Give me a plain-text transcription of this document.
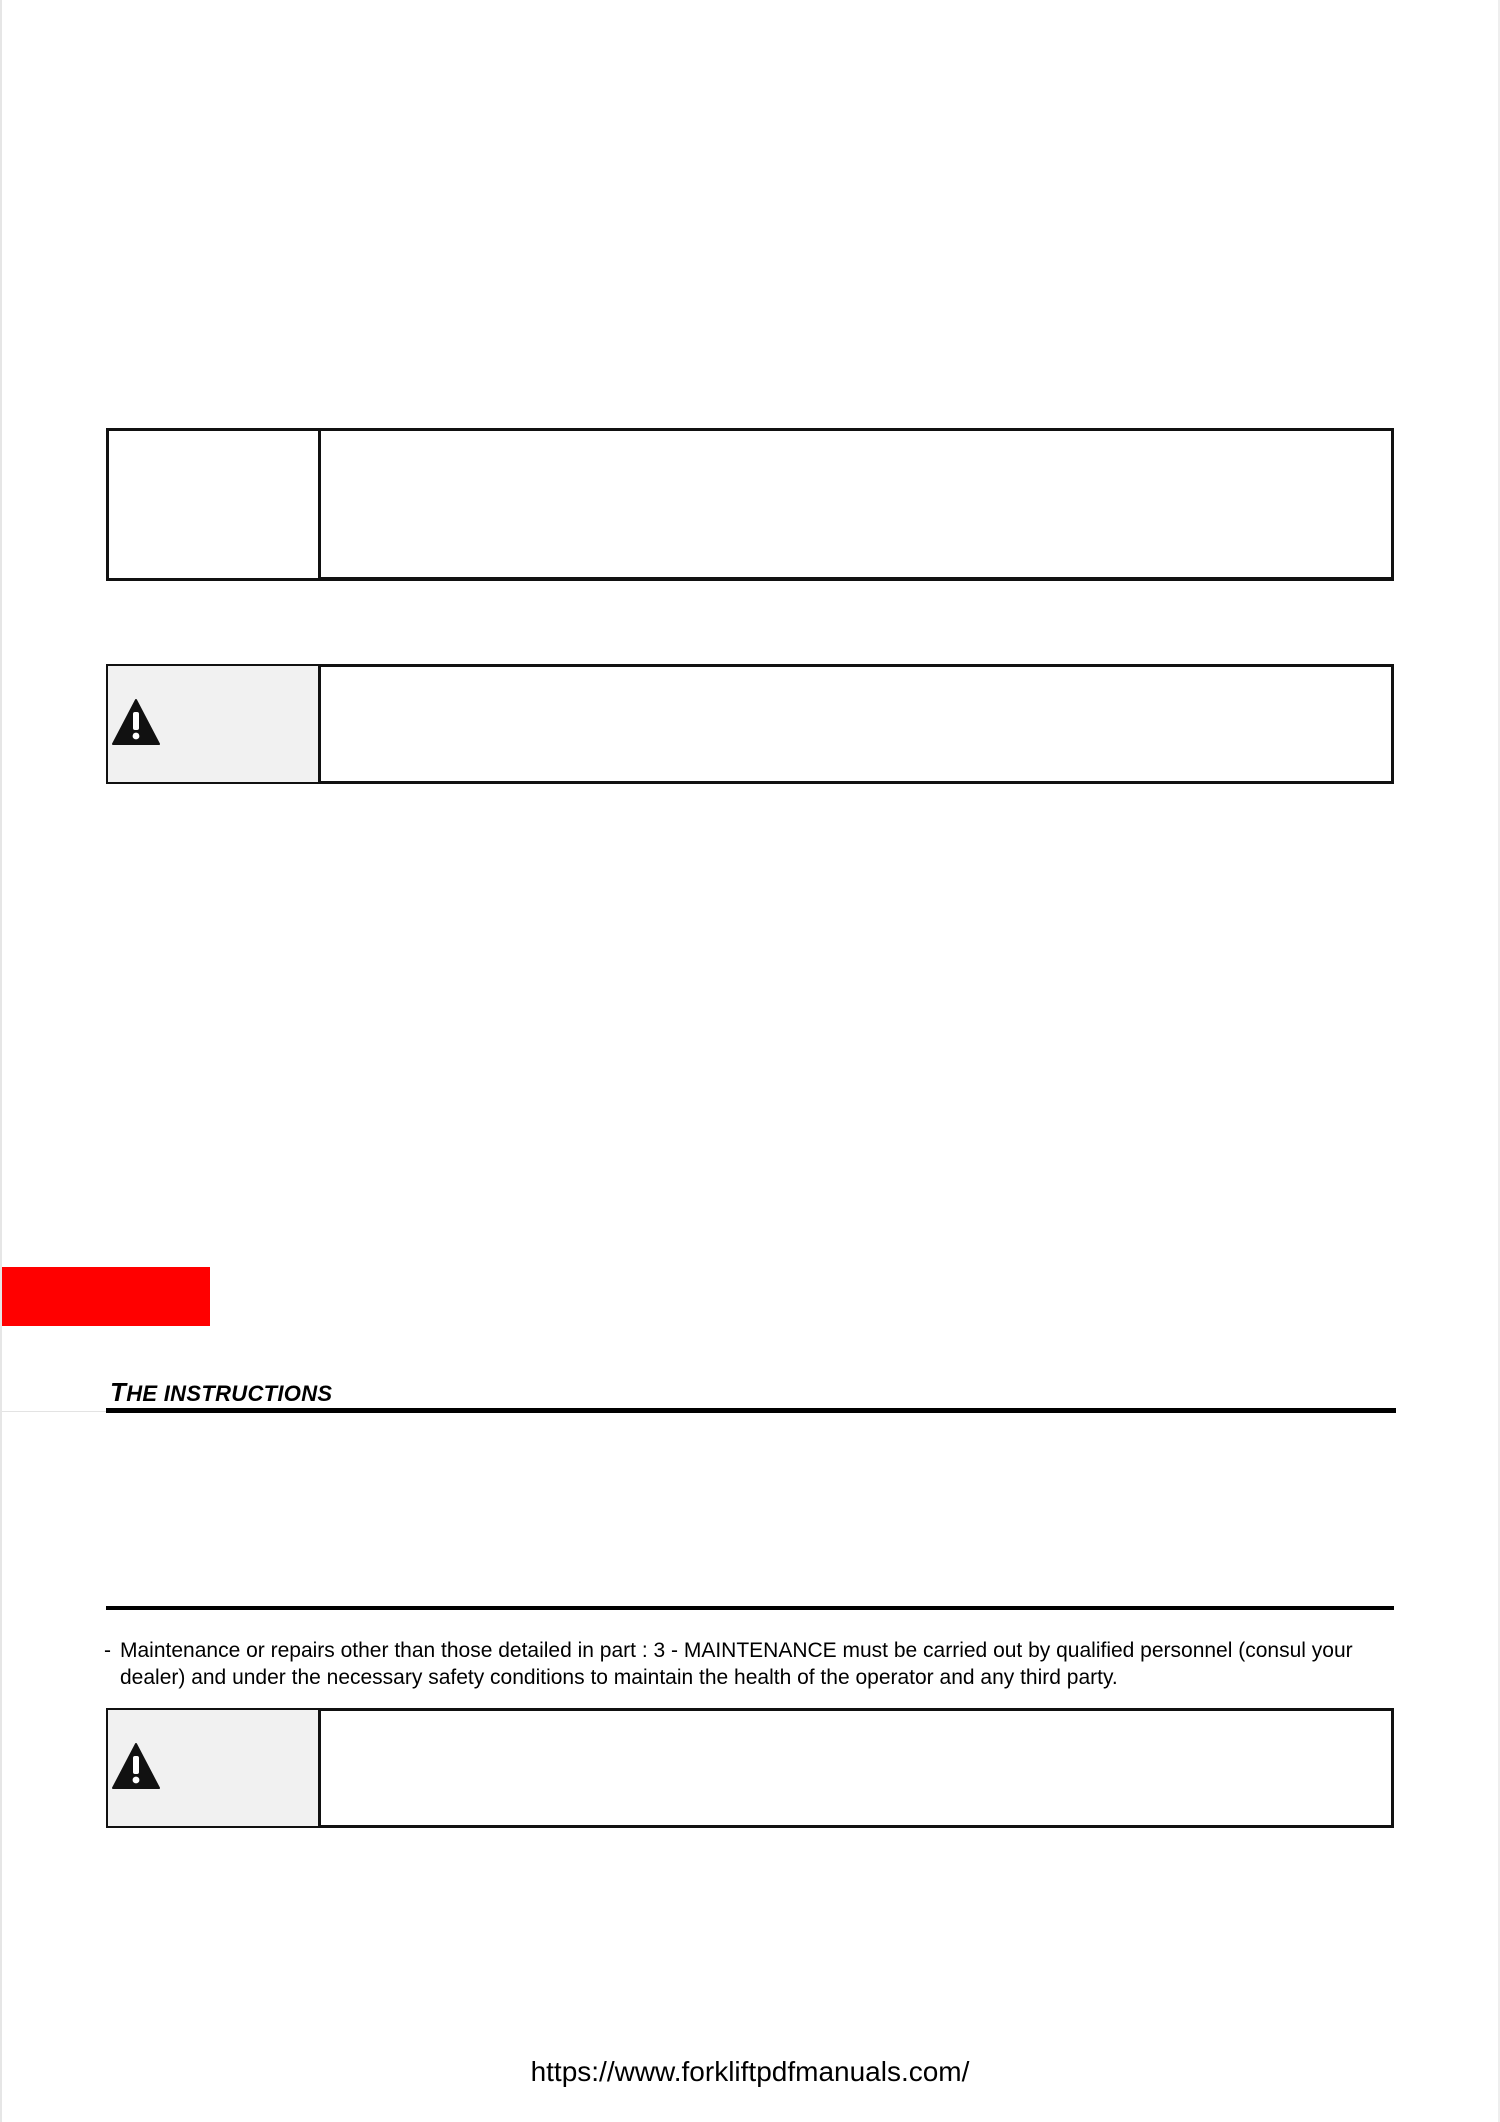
THE INSTRUCTIONS
- Maintenance or repairs other than those detailed in part : 3 - MAINTENANCE must be carried out by qualified personnel (consul your dealer) and under the necessary safety conditions to maintain the health of the operator and any third party.
https://www.forkliftpdfmanuals.com/
